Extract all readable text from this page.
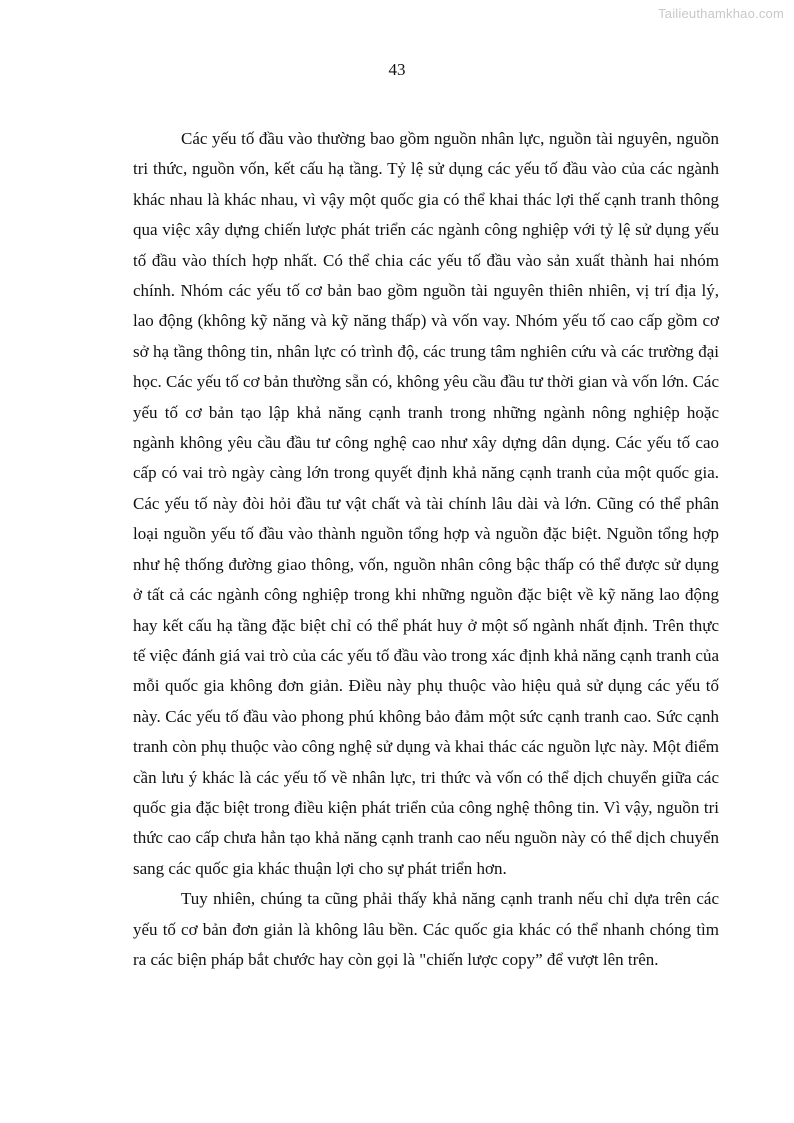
Tailieuthamkhao.com
43

Các yếu tố đầu vào thường bao gồm nguồn nhân lực, nguồn tài nguyên, nguồn tri thức, nguồn vốn, kết cấu hạ tầng. Tỷ lệ sử dụng các yếu tố đầu vào của các ngành khác nhau là khác nhau, vì vậy một quốc gia có thể khai thác lợi thế cạnh tranh thông qua việc xây dựng chiến lược phát triển các ngành công nghiệp với tỷ lệ sử dụng yếu tố đầu vào thích hợp nhất. Có thể chia các yếu tố đầu vào sản xuất thành hai nhóm chính. Nhóm các yếu tố cơ bản bao gồm nguồn tài nguyên thiên nhiên, vị trí địa lý, lao động (không kỹ năng và kỹ năng thấp) và vốn vay. Nhóm yếu tố cao cấp gồm cơ sở hạ tầng thông tin, nhân lực có trình độ, các trung tâm nghiên cứu và các trường đại học. Các yếu tố cơ bản thường sẵn có, không yêu cầu đầu tư thời gian và vốn lớn. Các yếu tố cơ bản tạo lập khả năng cạnh tranh trong những ngành nông nghiệp hoặc ngành không yêu cầu đầu tư công nghệ cao như xây dựng dân dụng. Các yếu tố cao cấp có vai trò ngày càng lớn trong quyết định khả năng cạnh tranh của một quốc gia. Các yếu tố này đòi hỏi đầu tư vật chất và tài chính lâu dài và lớn. Cũng có thể phân loại nguồn yếu tố đầu vào thành nguồn tổng hợp và nguồn đặc biệt. Nguồn tổng hợp như hệ thống đường giao thông, vốn, nguồn nhân công bậc thấp có thể được sử dụng ở tất cả các ngành công nghiệp trong khi những nguồn đặc biệt về kỹ năng lao động hay kết cấu hạ tầng đặc biệt chỉ có thể phát huy ở một số ngành nhất định. Trên thực tế việc đánh giá vai trò của các yếu tố đầu vào trong xác định khả năng cạnh tranh của mỗi quốc gia không đơn giản. Điều này phụ thuộc vào hiệu quả sử dụng các yếu tố này. Các yếu tố đầu vào phong phú không bảo đảm một sức cạnh tranh cao. Sức cạnh tranh còn phụ thuộc vào công nghệ sử dụng và khai thác các nguồn lực này. Một điểm cần lưu ý khác là các yếu tố về nhân lực, tri thức và vốn có thể dịch chuyển giữa các quốc gia đặc biệt trong điều kiện phát triển của công nghệ thông tin. Vì vậy, nguồn tri thức cao cấp chưa hẳn tạo khả năng cạnh tranh cao nếu nguồn này có thể dịch chuyển sang các quốc gia khác thuận lợi cho sự phát triển hơn.

Tuy nhiên, chúng ta cũng phải thấy khả năng cạnh tranh nếu chỉ dựa trên các yếu tố cơ bản đơn giản là không lâu bền. Các quốc gia khác có thể nhanh chóng tìm ra các biện pháp bắt chước hay còn gọi là "chiến lược copy” để vượt lên trên.
